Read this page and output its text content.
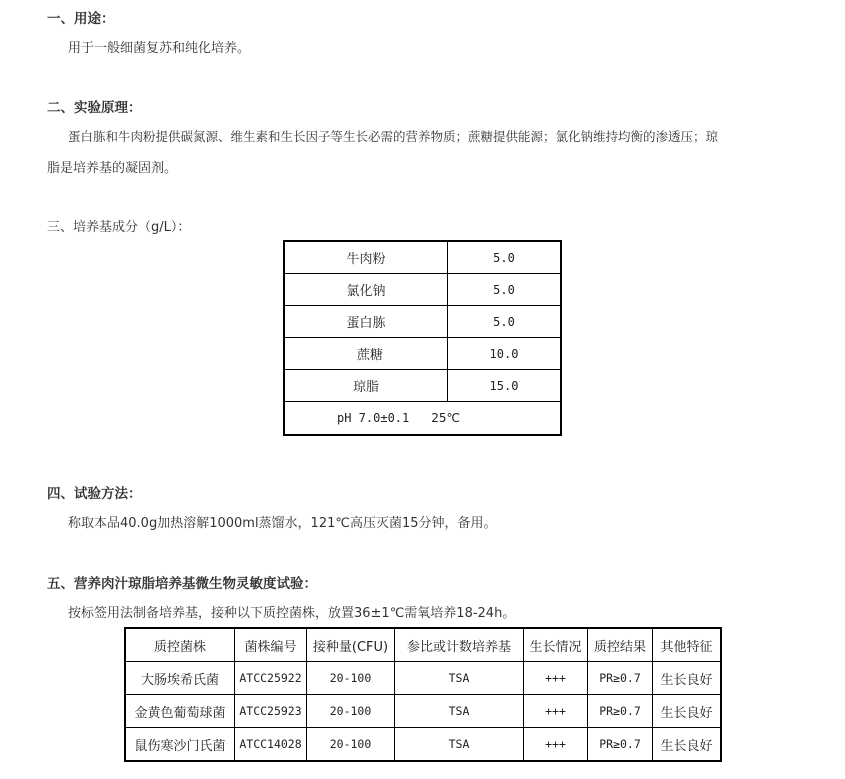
一、用途：
用于一般细菌复苏和纯化培养。
二、实验原理：
蛋白胨和牛肉粉提供碳氮源、维生素和生长因子等生长必需的营养物质；蔗糖提供能源；氯化钠维持均衡的渗透压；琼
脂是培养基的凝固剂。
三、培养基成分（g/L）：
牛肉粉	5.0
氯化钠	5.0
蛋白胨	5.0
蔗糖	10.0
琼脂	15.0
pH 7.0±0.1 25℃	
四、试验方法：
称取本品40.0g加热溶解1000ml蒸馏水，121℃高压灭菌15分钟，备用。
五、营养肉汁琼脂培养基微生物灵敏度试验：
按标签用法制备培养基，接种以下质控菌株，放置36±1℃需氧培养18-24h。
质控菌株	菌株编号	接种量(CFU)	参比或计数培养基	生长情况	质控结果	其他特征
大肠埃希氏菌	ATCC25922	20-100	TSA	+++	PR≥0.7	生长良好
金黄色葡萄球菌	ATCC25923	20-100	TSA	+++	PR≥0.7	生长良好
鼠伤寒沙门氏菌	ATCC14028	20-100	TSA	+++	PR≥0.7	生长良好
